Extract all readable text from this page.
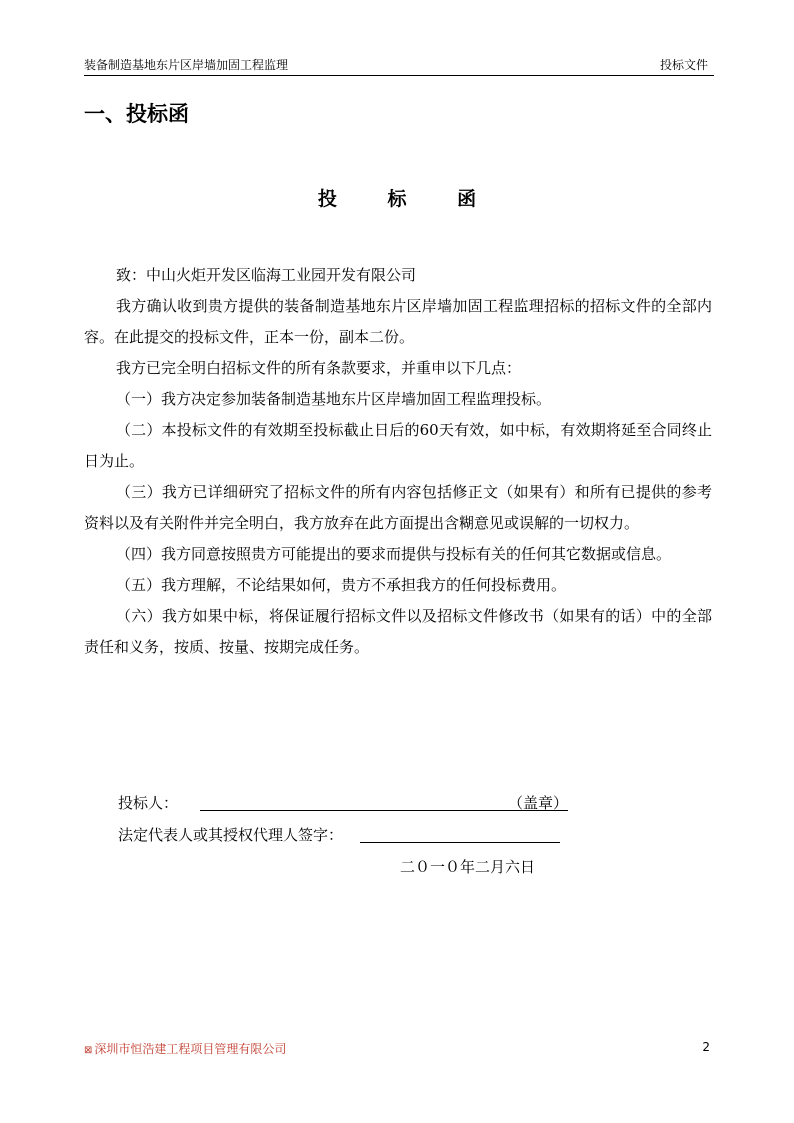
装备制造基地东片区岸墙加固工程监理	投标文件
一、投标函
投 标 函

致：中山火炬开发区临海工业园开发有限公司

我方确认收到贵方提供的装备制造基地东片区岸墙加固工程监理招标的招标文件的全部内容。在此提交的投标文件，正本一份，副本二份。

我方已完全明白招标文件的所有条款要求，并重申以下几点：

（一）我方决定参加装备制造基地东片区岸墙加固工程监理投标。

（二）本投标文件的有效期至投标截止日后的60天有效，如中标，有效期将延至合同终止日为止。

（三）我方已详细研究了招标文件的所有内容包括修正文（如果有）和所有已提供的参考资料以及有关附件并完全明白，我方放弃在此方面提出含糊意见或误解的一切权力。

（四）我方同意按照贵方可能提出的要求而提供与投标有关的任何其它数据或信息。

（五）我方理解，不论结果如何，贵方不承担我方的任何投标费用。

（六）我方如果中标，将保证履行招标文件以及招标文件修改书（如果有的话）中的全部责任和义务，按质、按量、按期完成任务。

投标人：	（盖章）
法定代表人或其授权代理人签字：
二０一０年二月六日
⊠ 深圳市恒浩建工程项目管理有限公司	2
